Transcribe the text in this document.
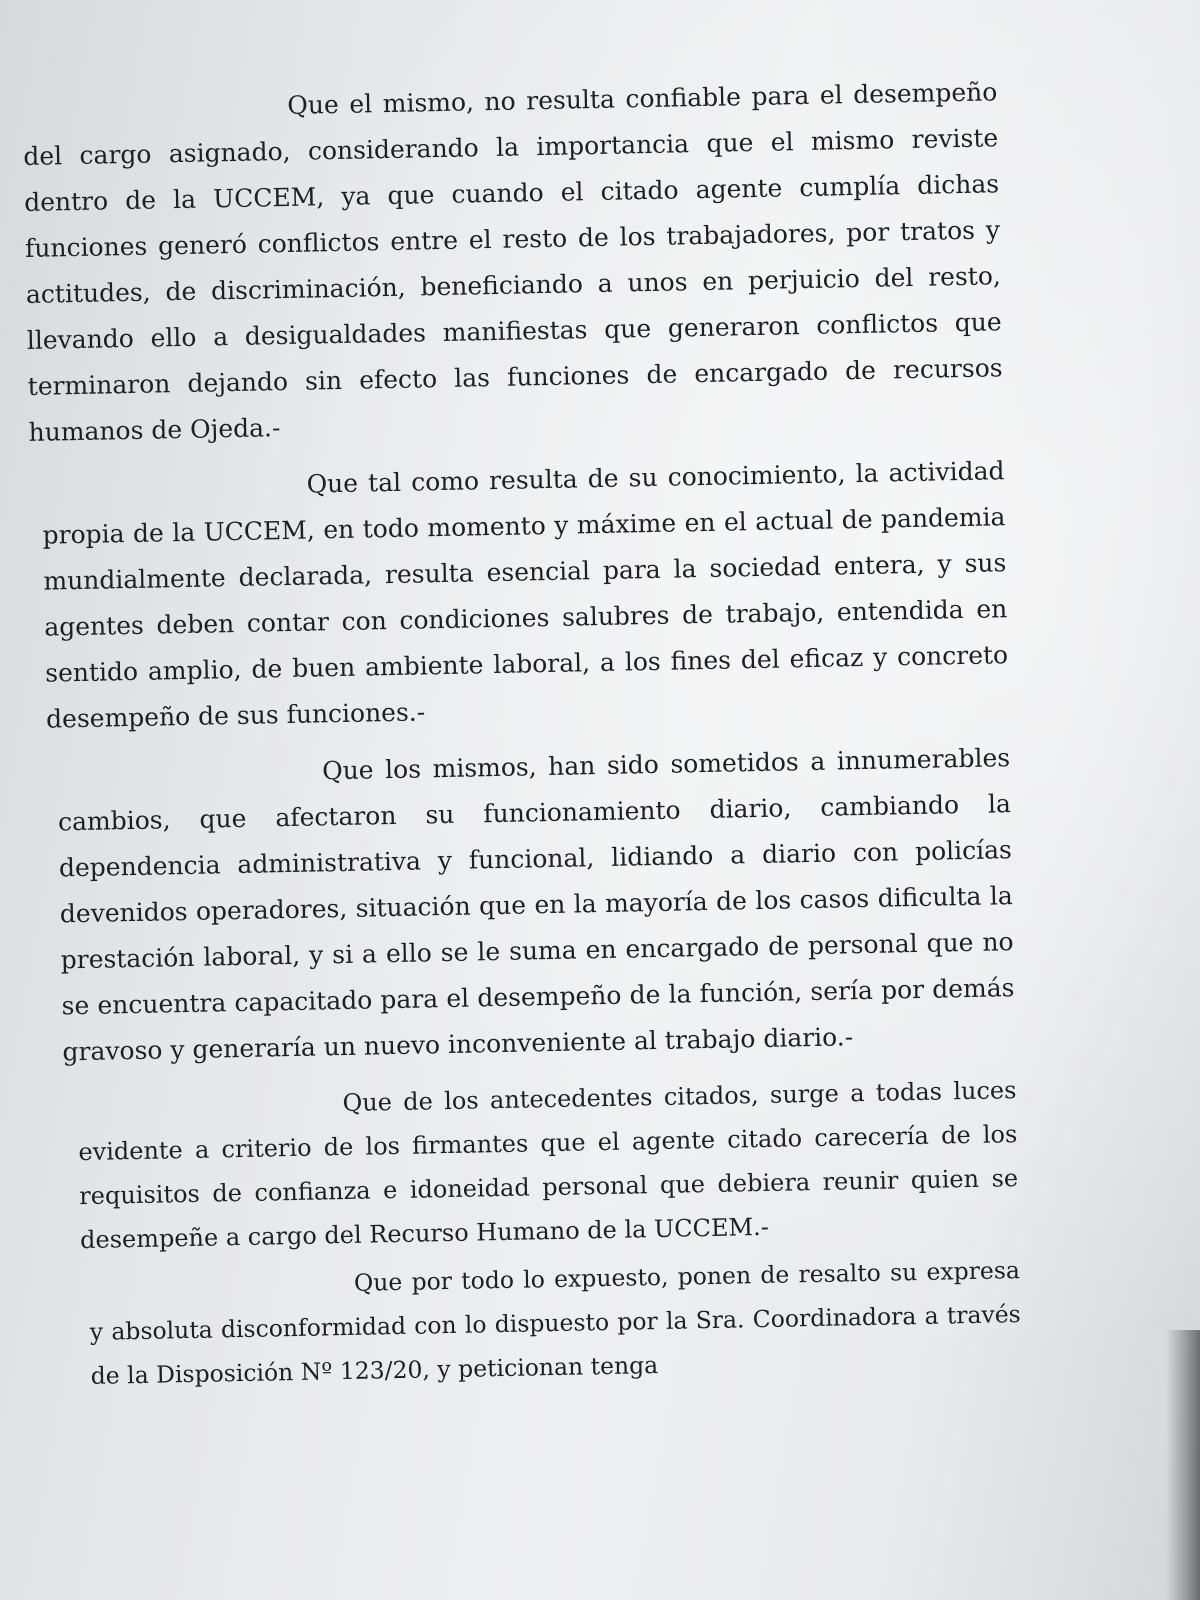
Que el mismo, no resulta confiable para el desempeño del cargo asignado, considerando la importancia que el mismo reviste dentro de la UCCEM, ya que cuando el citado agente cumplía dichas funciones generó conflictos entre el resto de los trabajadores, por tratos y actitudes, de discriminación, beneficiando a unos en perjuicio del resto, llevando ello a desigualdades manifiestas que generaron conflictos que terminaron dejando sin efecto las funciones de encargado de recursos humanos de Ojeda.-

Que tal como resulta de su conocimiento, la actividad propia de la UCCEM, en todo momento y máxime en el actual de pandemia mundialmente declarada, resulta esencial para la sociedad entera, y sus agentes deben contar con condiciones salubres de trabajo, entendida en sentido amplio, de buen ambiente laboral, a los fines del eficaz y concreto desempeño de sus funciones.-

Que los mismos, han sido sometidos a innumerables cambios, que afectaron su funcionamiento diario, cambiando la dependencia administrativa y funcional, lidiando a diario con policías devenidos operadores, situación que en la mayoría de los casos dificulta la prestación laboral, y si a ello se le suma en encargado de personal que no se encuentra capacitado para el desempeño de la función, sería por demás gravoso y generaría un nuevo inconveniente al trabajo diario.-

Que de los antecedentes citados, surge a todas luces evidente a criterio de los firmantes que el agente citado carecería de los requisitos de confianza e idoneidad personal que debiera reunir quien se desempeñe a cargo del Recurso Humano de la UCCEM.-

Que por todo lo expuesto, ponen de resalto su expresa y absoluta disconformidad con lo dispuesto por la Sra. Coordinadora a través de la Disposición Nº 123/20, y peticionan tenga
